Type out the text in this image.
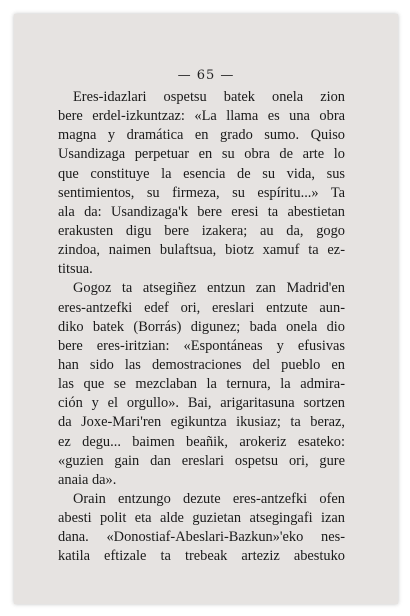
— 65 —
Eres-idazlari ospetsu batek onela zion
bere erdel-izkuntzaz: «La llama es una obra
magna y dramática en grado sumo. Quiso
Usandizaga perpetuar en su obra de arte lo
que constituye la esencia de su vida, sus
sentimientos, su firmeza, su espíritu...» Ta
ala da: Usandizaga'k bere eresi ta abestietan
erakusten digu bere izakera; au da, gogo
zindoa, naimen bulaftsua, biotz xamuf ta ez-
titsua.
Gogoz ta atsegiñez entzun zan Madrid'en
eres-antzefki edef ori, ereslari entzute aun-
diko batek (Borrás) digunez; bada onela dio
bere eres-iritzian: «Espontáneas y efusivas
han sido las demostraciones del pueblo en
las que se mezclaban la ternura, la admira-
ción y el orgullo». Bai, arigaritasuna sortzen
da Joxe-Mari'ren egikuntza ikusiaz; ta beraz,
ez degu... baimen beañik, arokeriz esateko:
«guzien gain dan ereslari ospetsu ori, gure
anaia da».
Orain entzungo dezute eres-antzefki ofen
abesti polit eta alde guzietan atsegingafi izan
dana. «Donostiaf-Abeslari-Bazkun»'eko nes-
katila eftizale ta trebeak arteziz abestuko
